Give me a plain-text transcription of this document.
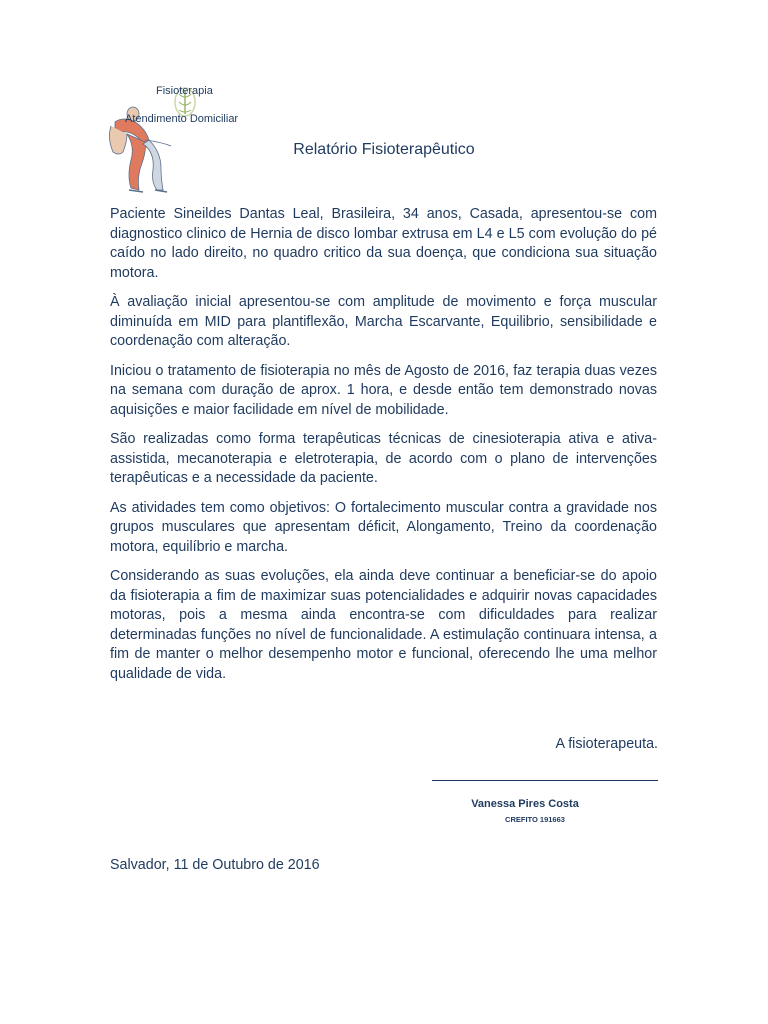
Fisioterapia
Atendimento Domiciliar
Relatório Fisioterapêutico

Paciente Sineildes Dantas Leal, Brasileira, 34 anos, Casada, apresentou-se com diagnostico clinico de Hernia de disco lombar extrusa em L4 e L5 com evolução do pé caído no lado direito, no quadro critico da sua doença, que condiciona sua situação motora.

À avaliação inicial apresentou-se com amplitude de movimento e força muscular diminuída em MID para plantiflexão, Marcha Escarvante, Equilibrio, sensibilidade e coordenação com alteração.

Iniciou o tratamento de fisioterapia no mês de Agosto de 2016, faz terapia duas vezes na semana com duração de aprox. 1 hora, e desde então tem demonstrado novas aquisições e maior facilidade em nível de mobilidade.

São realizadas como forma terapêuticas técnicas de cinesioterapia ativa e ativa-assistida, mecanoterapia e eletroterapia, de acordo com o plano de intervenções terapêuticas e a necessidade da paciente.

As atividades tem como objetivos: O fortalecimento muscular contra a gravidade nos grupos musculares que apresentam déficit, Alongamento, Treino da coordenação motora, equilíbrio e marcha.

Considerando as suas evoluções, ela ainda deve continuar a beneficiar-se do apoio da fisioterapia a fim de maximizar suas potencialidades e adquirir novas capacidades motoras, pois a mesma ainda encontra-se com dificuldades para realizar determinadas funções no nível de funcionalidade. A estimulação continuara intensa, a fim de manter o melhor desempenho motor e funcional, oferecendo lhe uma melhor qualidade de vida.

A fisioterapeuta.
Vanessa Pires Costa
CREFITO 191663
Salvador, 11 de Outubro de 2016
